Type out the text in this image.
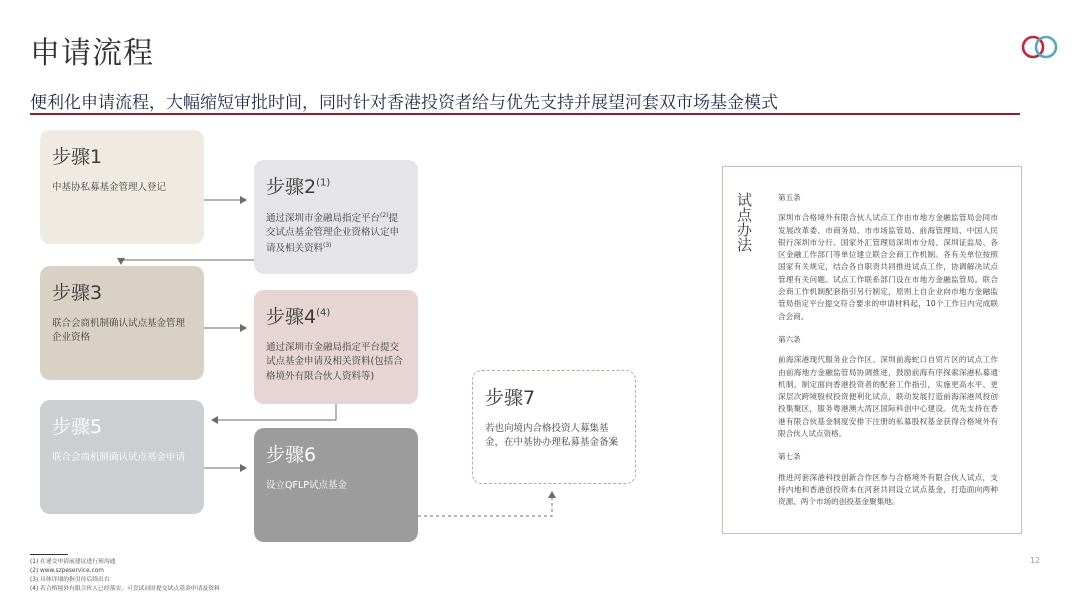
申请流程
便利化申请流程，大幅缩短审批时间，同时针对香港投资者给与优先支持并展望河套双市场基金模式
步骤1
中基协私募基金管理人登记	步骤2$^{(1)}$
通过深圳市金融局指定平台$^{(2)}$提交试点基金管理企业资格认定申请及相关资料$^{(3)}$
步骤3
联合会商机制确认试点基金管理企业资格
步骤4$^{(4)}$
通过深圳市金融局指定平台提交试点基金申请及相关资料(包括合格境外有限合伙人资料等)
步骤5
联合会商机制确认试点基金申请	步骤6
设立QFLP试点基金
步骤7
若也向境内合格投资人募集基金，在中基协办理私募基金备案
试点办法	第五条
深圳市合格境外有限合伙人试点工作由市地方金融监管局会同市发展改革委、市商务局、市市场监管局、前海管理局、中国人民银行深圳市分行、国家外汇管理局深圳市分局、深圳证监局、各区金融工作部门等单位建立联合会商工作机制。各有关单位按照国家有关规定，结合各自职责共同推进试点工作，协调解决试点管理有关问题。试点工作联系部门设在市地方金融监管局。联合会商工作机制配套指引另行制定，原则上自企业向市地方金融监管局指定平台提交符合要求的申请材料起，10个工作日内完成联合会商。
第六条
前海深港现代服务业合作区、深圳前海蛇口自贸片区的试点工作由前海地方金融监管局协调推进，鼓励前海有序探索深港私募通机制，制定面向香港投资者的配套工作指引，实施更高水平、更深层次跨境股权投资便利化试点，联动发展打造前海深港风投创投集聚区，服务粤港澳大湾区国际科创中心建设。优先支持在香港有限合伙基金制度安排下注册的私募股权基金获得合格境外有限合伙人试点资格。
第七条
推进河套深港科技创新合作区参与合格境外有限合伙人试点，支持内地和香港创投资本在河套共同设立试点基金，打造面向两种资源、两个市场的创投基金聚集地。
(1) 在递交申请前建议进行预沟通
(2) www.szpeservice.com
(3) 具体详细的指引待后续出台
(4) 若合格境外有限合伙人已经落实，可尝试同时提交试点基金申请及资料
12
